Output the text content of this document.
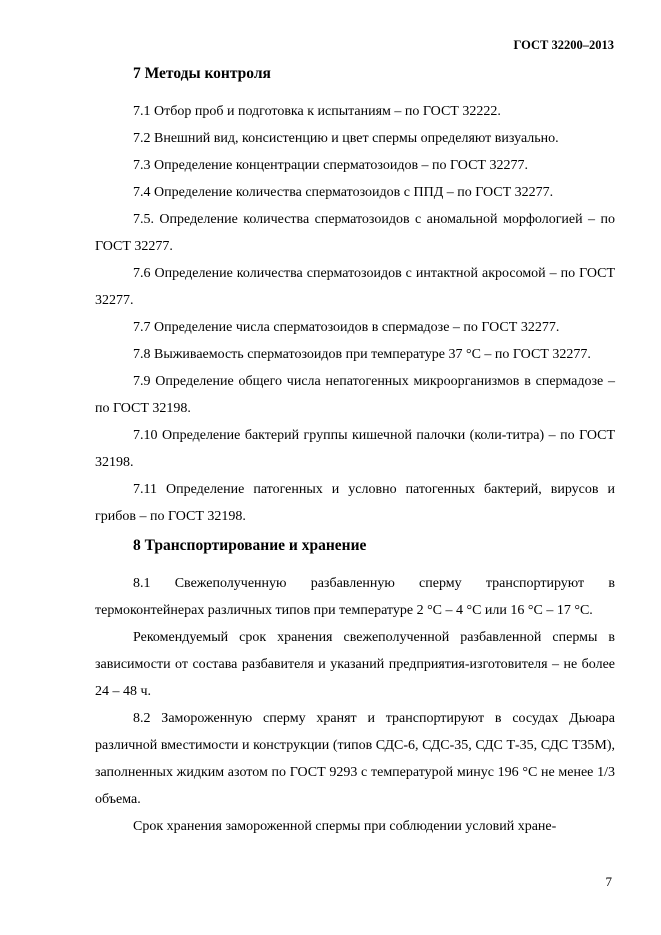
ГОСТ 32200–2013
7 Методы контроля

7.1 Отбор проб и подготовка к испытаниям – по ГОСТ 32222.

7.2 Внешний вид, консистенцию и цвет спермы определяют визуально.

7.3 Определение концентрации сперматозоидов – по ГОСТ 32277.

7.4 Определение количества сперматозоидов с ППД – по ГОСТ 32277.

7.5. Определение количества сперматозоидов с аномальной морфологией – по ГОСТ 32277.

7.6 Определение количества сперматозоидов с интактной акросомой – по ГОСТ 32277.

7.7 Определение числа сперматозоидов в спермадозе – по ГОСТ 32277.

7.8 Выживаемость сперматозоидов при температуре 37 °С – по ГОСТ 32277.

7.9 Определение общего числа непатогенных микроорганизмов в спермадозе – по ГОСТ 32198.

7.10 Определение бактерий группы кишечной палочки (коли-титра) – по ГОСТ 32198.

7.11 Определение патогенных и условно патогенных бактерий, вирусов и грибов – по ГОСТ 32198.

8 Транспортирование и хранение

8.1 Свежеполученную разбавленную сперму транспортируют в термоконтейнерах различных типов при температуре 2 °С – 4 °С или 16 °С – 17 °С.

Рекомендуемый срок хранения свежеполученной разбавленной спермы в зависимости от состава разбавителя и указаний предприятия-изготовителя – не более 24 – 48 ч.

8.2 Замороженную сперму хранят и транспортируют в сосудах Дьюара различной вместимости и конструкции (типов СДС-6, СДС-35, СДС Т-35, СДС Т35М), заполненных жидким азотом по ГОСТ 9293 с температурой минус 196 °С не менее 1/3 объема.

Срок хранения замороженной спермы при соблюдении условий хране-

7
